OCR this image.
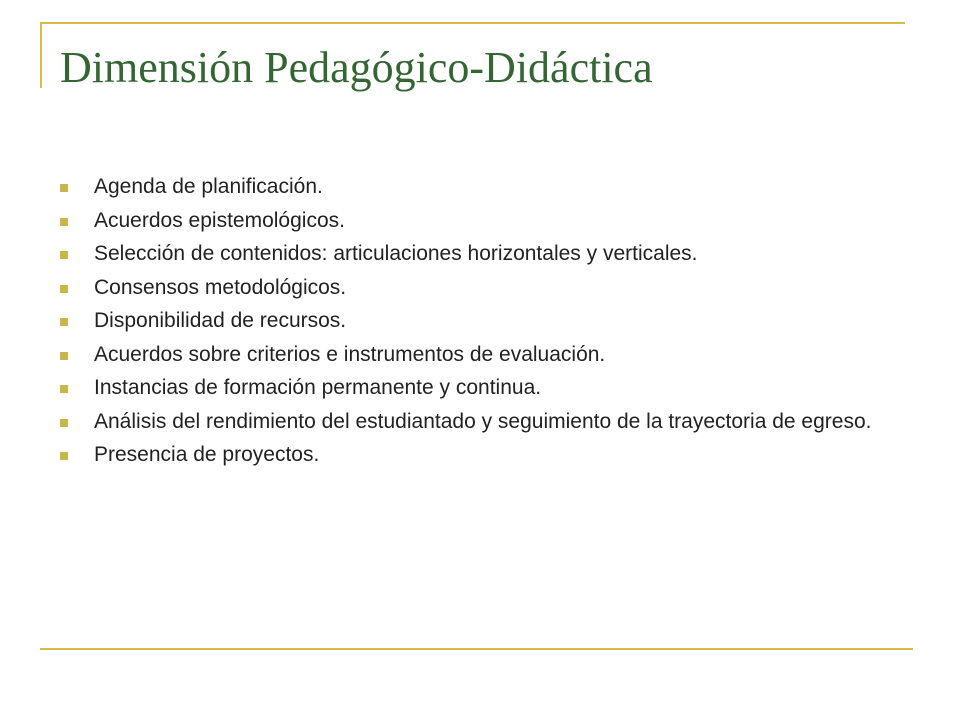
Dimensión Pedagógico-Didáctica
Agenda de planificación.
Acuerdos epistemológicos.
Selección de contenidos: articulaciones horizontales y verticales.
Consensos metodológicos.
Disponibilidad de recursos.
Acuerdos sobre criterios e instrumentos de evaluación.
Instancias de formación permanente y continua.
Análisis del rendimiento del estudiantado y seguimiento de la trayectoria de egreso.
Presencia de proyectos.
